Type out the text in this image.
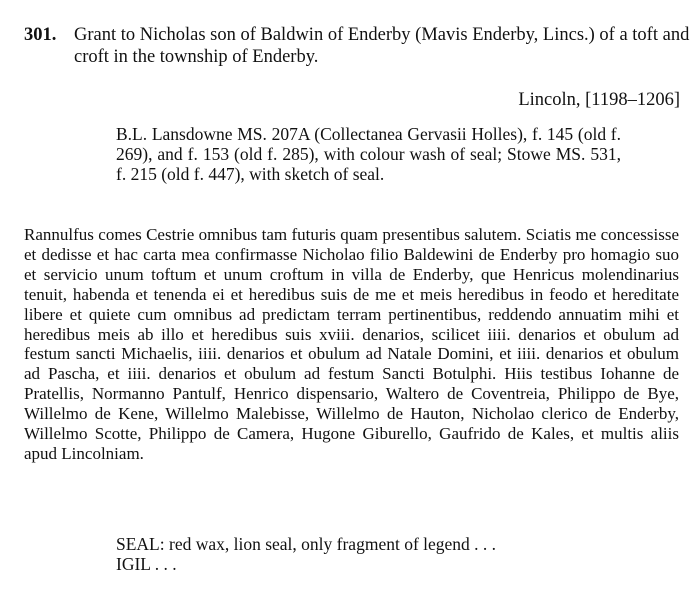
301. Grant to Nicholas son of Baldwin of Enderby (Mavis Enderby, Lincs.) of a toft and croft in the township of Enderby.
Lincoln, [1198–1206]
B.L. Lansdowne MS. 207A (Collectanea Gervasii Holles), f. 145 (old f. 269), and f. 153 (old f. 285), with colour wash of seal; Stowe MS. 531, f. 215 (old f. 447), with sketch of seal.
Rannulfus comes Cestrie omnibus tam futuris quam presentibus salutem. Sciatis me concessisse et dedisse et hac carta mea confirmasse Nicholao filio Baldewini de Enderby pro homagio suo et servicio unum toftum et unum croftum in villa de Enderby, que Henricus molendinarius tenuit, habenda et tenenda ei et heredibus suis de me et meis heredibus in feodo et hereditate libere et quiete cum omnibus ad predictam terram pertinentibus, reddendo annuatim mihi et heredibus meis ab illo et heredibus suis xviii. denarios, scilicet iiii. denarios et obulum ad festum sancti Michaelis, iiii. denarios et obulum ad Natale Domini, et iiii. denarios et obulum ad Pascha, et iiii. denarios et obulum ad festum Sancti Botulphi. Hiis testibus Iohanne de Pratellis, Normanno Pantulf, Henrico dispensario, Waltero de Coventreia, Philippo de Bye, Willelmo de Kene, Willelmo Malebisse, Willelmo de Hauton, Nicholao clerico de Enderby, Willelmo Scotte, Philippo de Camera, Hugone Giburello, Gaufrido de Kales, et multis aliis apud Lincolniam.
SEAL: red wax, lion seal, only fragment of legend . . .
IGIL . . .
